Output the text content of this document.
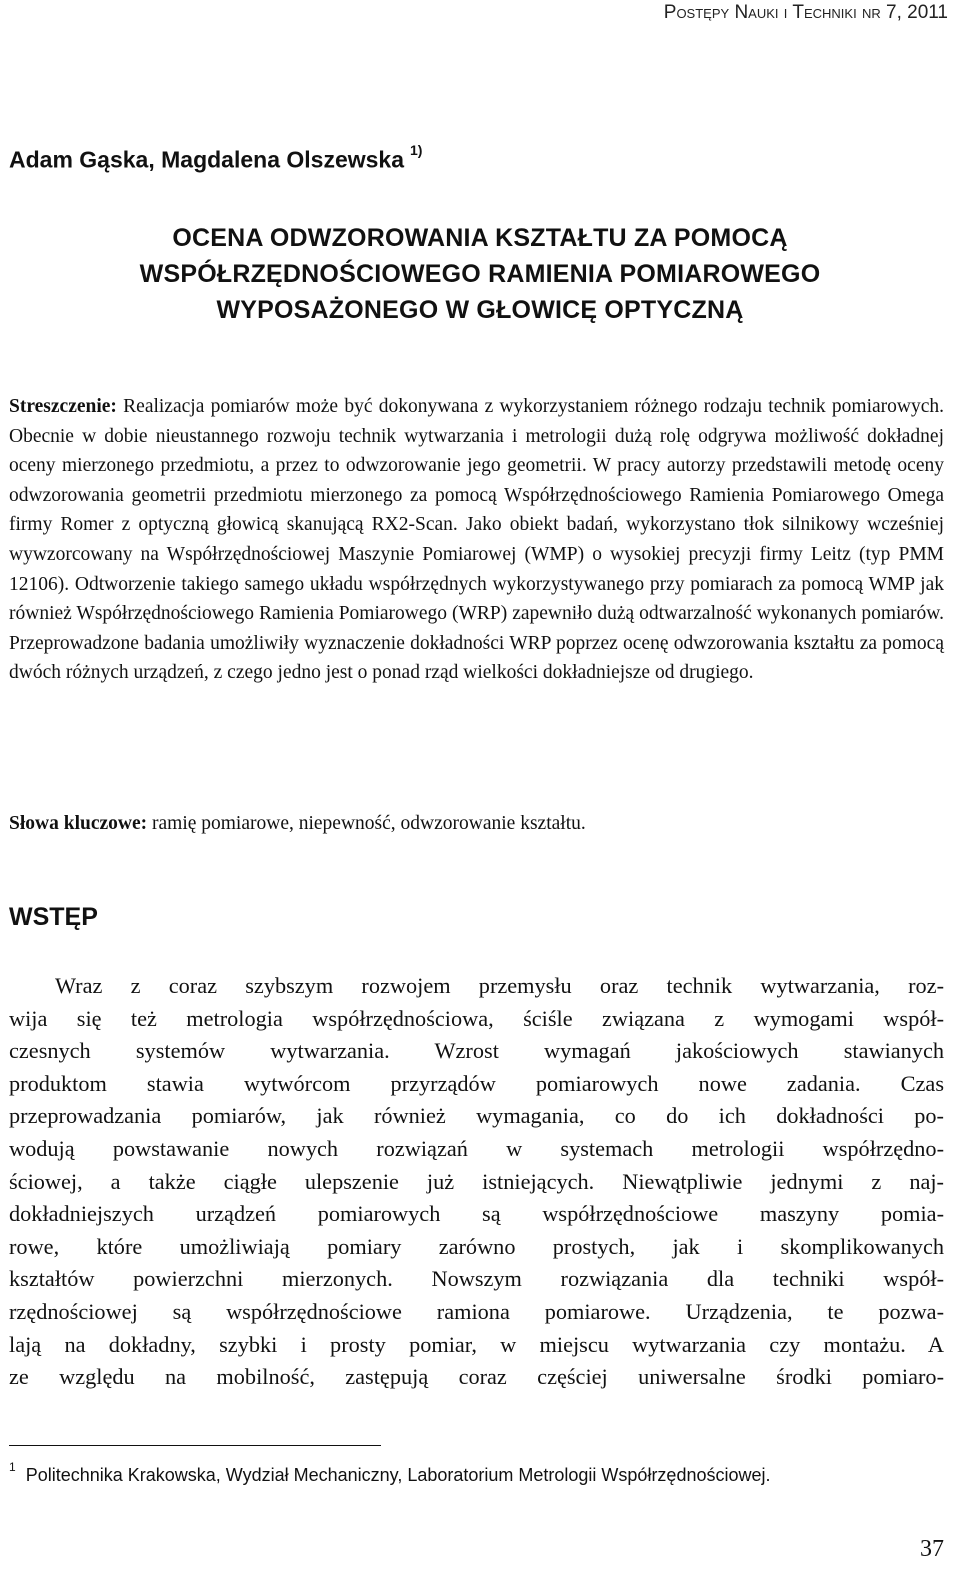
Postępy Nauki i Techniki nr 7, 2011
Adam Gąska, Magdalena Olszewska $^{1)}$
OCENA ODWZOROWANIA KSZTAŁTU ZA POMOCĄ
WSPÓŁRZĘDNOŚCIOWEGO RAMIENIA POMIAROWEGO
WYPOSAŻONEGO W GŁOWICĘ OPTYCZNĄ
Streszczenie: Realizacja pomiarów może być dokonywana z wykorzystaniem różnego rodzaju technik pomiarowych. Obecnie w dobie nieustannego rozwoju technik wytwarzania i metrologii dużą rolę odgrywa możliwość dokładnej oceny mierzonego przedmiotu, a przez to odwzorowanie jego geometrii. W pracy autorzy przedstawili metodę oceny odwzorowania geometrii przedmiotu mierzonego za pomocą Współrzędnościowego Ramienia Pomiarowego Omega firmy Romer z optyczną głowicą skanującą RX2-Scan. Jako obiekt badań, wykorzystano tłok silnikowy wcześniej wywzorcowany na Współrzędnościowej Maszynie Pomiarowej (WMP) o wysokiej precyzji firmy Leitz (typ PMM 12106). Odtworzenie takiego samego układu współrzędnych wykorzystywanego przy pomiarach za pomocą WMP jak również Współrzędnościowego Ramienia Pomiarowego (WRP) zapewniło dużą odtwarzalność wykonanych pomiarów. Przeprowadzone badania umożliwiły wyznaczenie dokładności WRP poprzez ocenę odwzorowania kształtu za pomocą dwóch różnych urządzeń, z czego jedno jest o ponad rząd wielkości dokładniejsze od drugiego.
Słowa kluczowe: ramię pomiarowe, niepewność, odwzorowanie kształtu.
WSTĘP
Wraz z coraz szybszym rozwojem przemysłu oraz technik wytwarzania, roz-
wija się też metrologia współrzędnościowa, ściśle związana z wymogami współ-
czesnych systemów wytwarzania. Wzrost wymagań jakościowych stawianych
produktom stawia wytwórcom przyrządów pomiarowych nowe zadania. Czas
przeprowadzania pomiarów, jak również wymagania, co do ich dokładności po-
wodują powstawanie nowych rozwiązań w systemach metrologii współrzędno-
ściowej, a także ciągłe ulepszenie już istniejących. Niewątpliwie jednymi z naj-
dokładniejszych urządzeń pomiarowych są współrzędnościowe maszyny pomia-
rowe, które umożliwiają pomiary zarówno prostych, jak i skomplikowanych
kształtów powierzchni mierzonych. Nowszym rozwiązania dla techniki współ-
rzędnościowej są współrzędnościowe ramiona pomiarowe. Urządzenia, te pozwa-
lają na dokładny, szybki i prosty pomiar, w miejscu wytwarzania czy montażu. A
ze względu na mobilność, zastępują coraz częściej uniwersalne środki pomiaro-
$^1$ Politechnika Krakowska, Wydział Mechaniczny, Laboratorium Metrologii Współrzędnościowej.
37
